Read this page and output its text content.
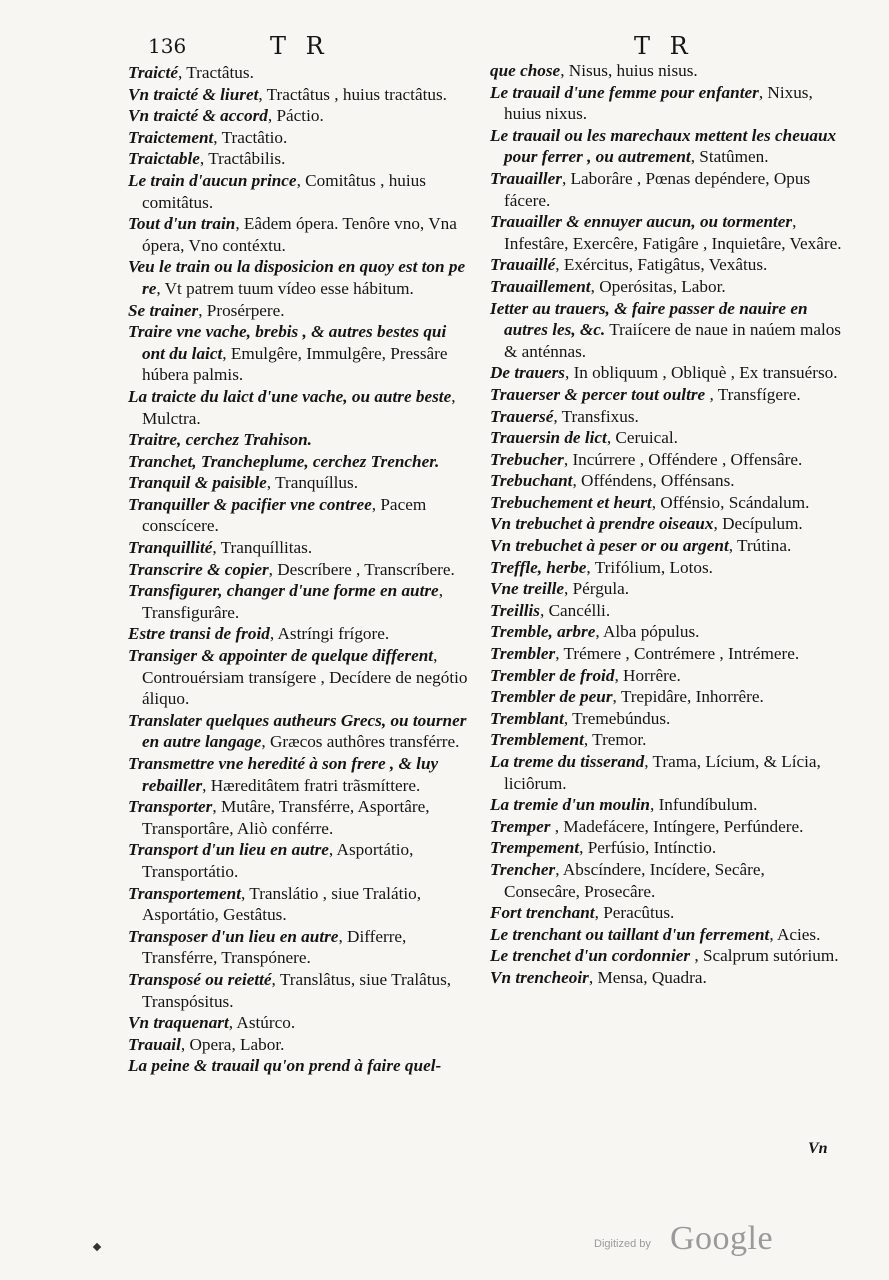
136	T R	T R

Traicté, Tractâtus.

Vn traicté & liuret, Tractâtus , huius tractâtus.

Vn traicté & accord, Páctio.

Traictement, Tractâtio.

Traictable, Tractâbilis.

Le train d'aucun prince, Comitâtus , huius comitâtus.

Tout d'un train, Eâdem ópera. Tenôre vno, Vna ópera, Vno contéxtu.

Veu le train ou la disposicion en quoy est ton pe re, Vt patrem tuum vídeo esse hábitum.

Se trainer, Prosérpere.

Traire vne vache, brebis , & autres bestes qui ont du laict, Emulgêre, Immulgêre, Pressâre húbera palmis.

La traicte du laict d'une vache, ou autre beste, Mulctra.

Traitre, cerchez Trahison.

Tranchet, Trancheplume, cerchez Trencher.

Tranquil & paisible, Tranquíllus.

Tranquiller & pacifier vne contree, Pacem conscícere.

Tranquillité, Tranquíllitas.

Transcrire & copier, Descríbere , Transcríbere.

Transfigurer, changer d'une forme en autre, Transfigurâre.

Estre transi de froid, Astríngi frígore.

Transiger & appointer de quelque different, Controuérsiam transígere , Decídere de negótio áliquo.

Translater quelques autheurs Grecs, ou tourner en autre langage, Græcos authôres transférre.

Transmettre vne heredité à son frere , & luy rebailler, Hæreditâtem fratri trãsmíttere.

Transporter, Mutâre, Transférre, Asportâre, Transportâre, Aliò conférre.

Transport d'un lieu en autre, Asportátio, Transportátio.

Transportement, Translátio , siue Tralátio, Asportátio, Gestâtus.

Transposer d'un lieu en autre, Differre, Transférre, Transpónere.

Transposé ou reietté, Translâtus, siue Tralâtus, Transpósitus.

Vn traquenart, Astúrco.

Trauail, Opera, Labor.

La peine & trauail qu'on prend à faire quel-

que chose, Nisus, huius nisus.

Le trauail d'une femme pour enfanter, Nixus, huius nixus.

Le trauail ou les marechaux mettent les cheuaux pour ferrer , ou autrement, Statûmen.

Trauailler, Laborâre , Pœnas depéndere, Opus fácere.

Trauailler & ennuyer aucun, ou tormenter, Infestâre, Exercêre, Fatigâre , Inquietâre, Vexâre.

Trauaillé, Exércitus, Fatigâtus, Vexâtus.

Trauaillement, Operósitas, Labor.

Ietter au trauers, & faire passer de nauire en autres les, &c. Traiícere de naue in naúem malos & anténnas.

De trauers, In obliquum , Obliquè , Ex transuérso.

Trauerser & percer tout oultre , Transfígere.

Trauersé, Transfixus.

Trauersin de lict, Ceruical.

Trebucher, Incúrrere , Offéndere , Offensâre.

Trebuchant, Offéndens, Offénsans.

Trebuchement et heurt, Offénsio, Scándalum.

Vn trebuchet à prendre oiseaux, Decípulum.

Vn trebuchet à peser or ou argent, Trútina.

Treffle, herbe, Trifólium, Lotos.

Vne treille, Pérgula.

Treillis, Cancélli.

Tremble, arbre, Alba pópulus.

Trembler, Trémere , Contrémere , Intrémere.

Trembler de froid, Horrêre.

Trembler de peur, Trepidâre, Inhorrêre.

Tremblant, Tremebúndus.

Tremblement, Tremor.

La treme du tisserand, Trama, Lícium, & Lícia, liciôrum.

La tremie d'un moulin, Infundíbulum.

Tremper , Madefácere, Intíngere, Perfúndere.

Trempement, Perfúsio, Intínctio.

Trencher, Abscíndere, Incídere, Secâre, Consecâre, Prosecâre.

Fort trenchant, Peracûtus.

Le trenchant ou taillant d'un ferrement, Acies.

Le trenchet d'un cordonnier , Scalprum sutórium.

Vn trencheoir, Mensa, Quadra.

Vn
Digitized by Google
